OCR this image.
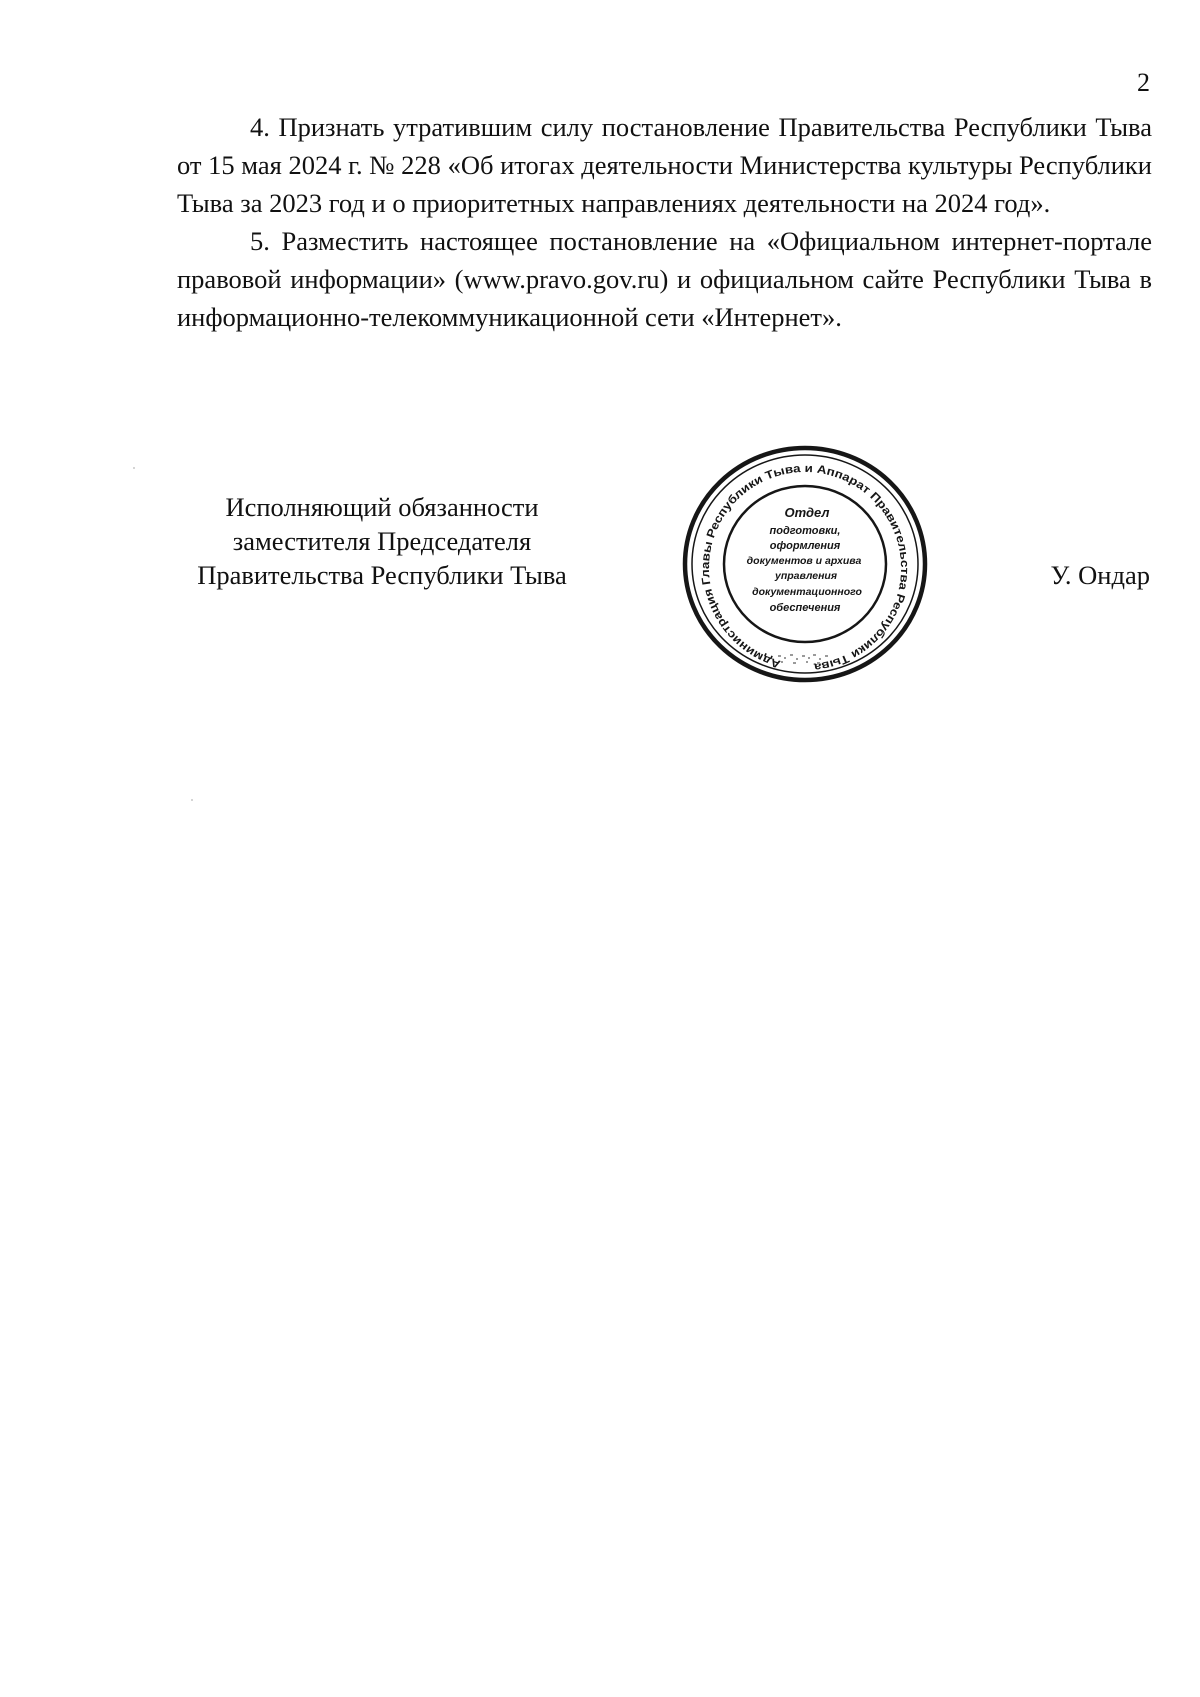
2

4. Признать утратившим силу постановление Правительства Республики Тыва от 15 мая 2024 г. № 228 «Об итогах деятельности Министерства культуры Республики Тыва за 2023 год и о приоритетных направлениях деятельности на 2024 год».

5. Разместить настоящее постановление на «Официальном интернет-портале правовой информации» (www.pravo.gov.ru) и официальном сайте Республики Тыва в информационно-телекоммуникационной сети «Интернет».

Исполняющий обязанности
заместителя Председателя
Правительства Республики Тыва	У. Ондар
Администрация Главы Республики Тыва и Аппарат Правительства Республики Тыва
Отдел
подготовки,
оформления
документов и архива
управления
документационного
обеспечения
